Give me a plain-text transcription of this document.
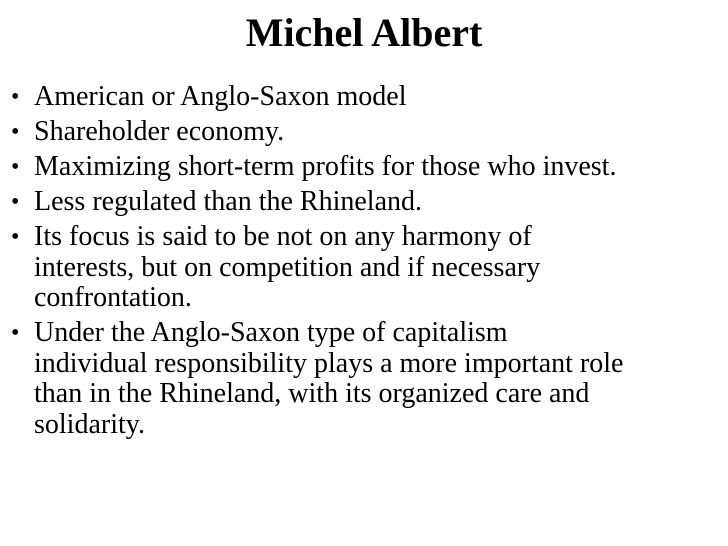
Michel Albert
• American or Anglo-Saxon model
• Shareholder economy.
• Maximizing short-term profits for those who invest.
• Less regulated than the Rhineland.
• Its focus is said to be not on any harmony of
interests, but on competition and if necessary
confrontation.
• Under the Anglo-Saxon type of capitalism
individual responsibility plays a more important role
than in the Rhineland, with its organized care and
solidarity.
